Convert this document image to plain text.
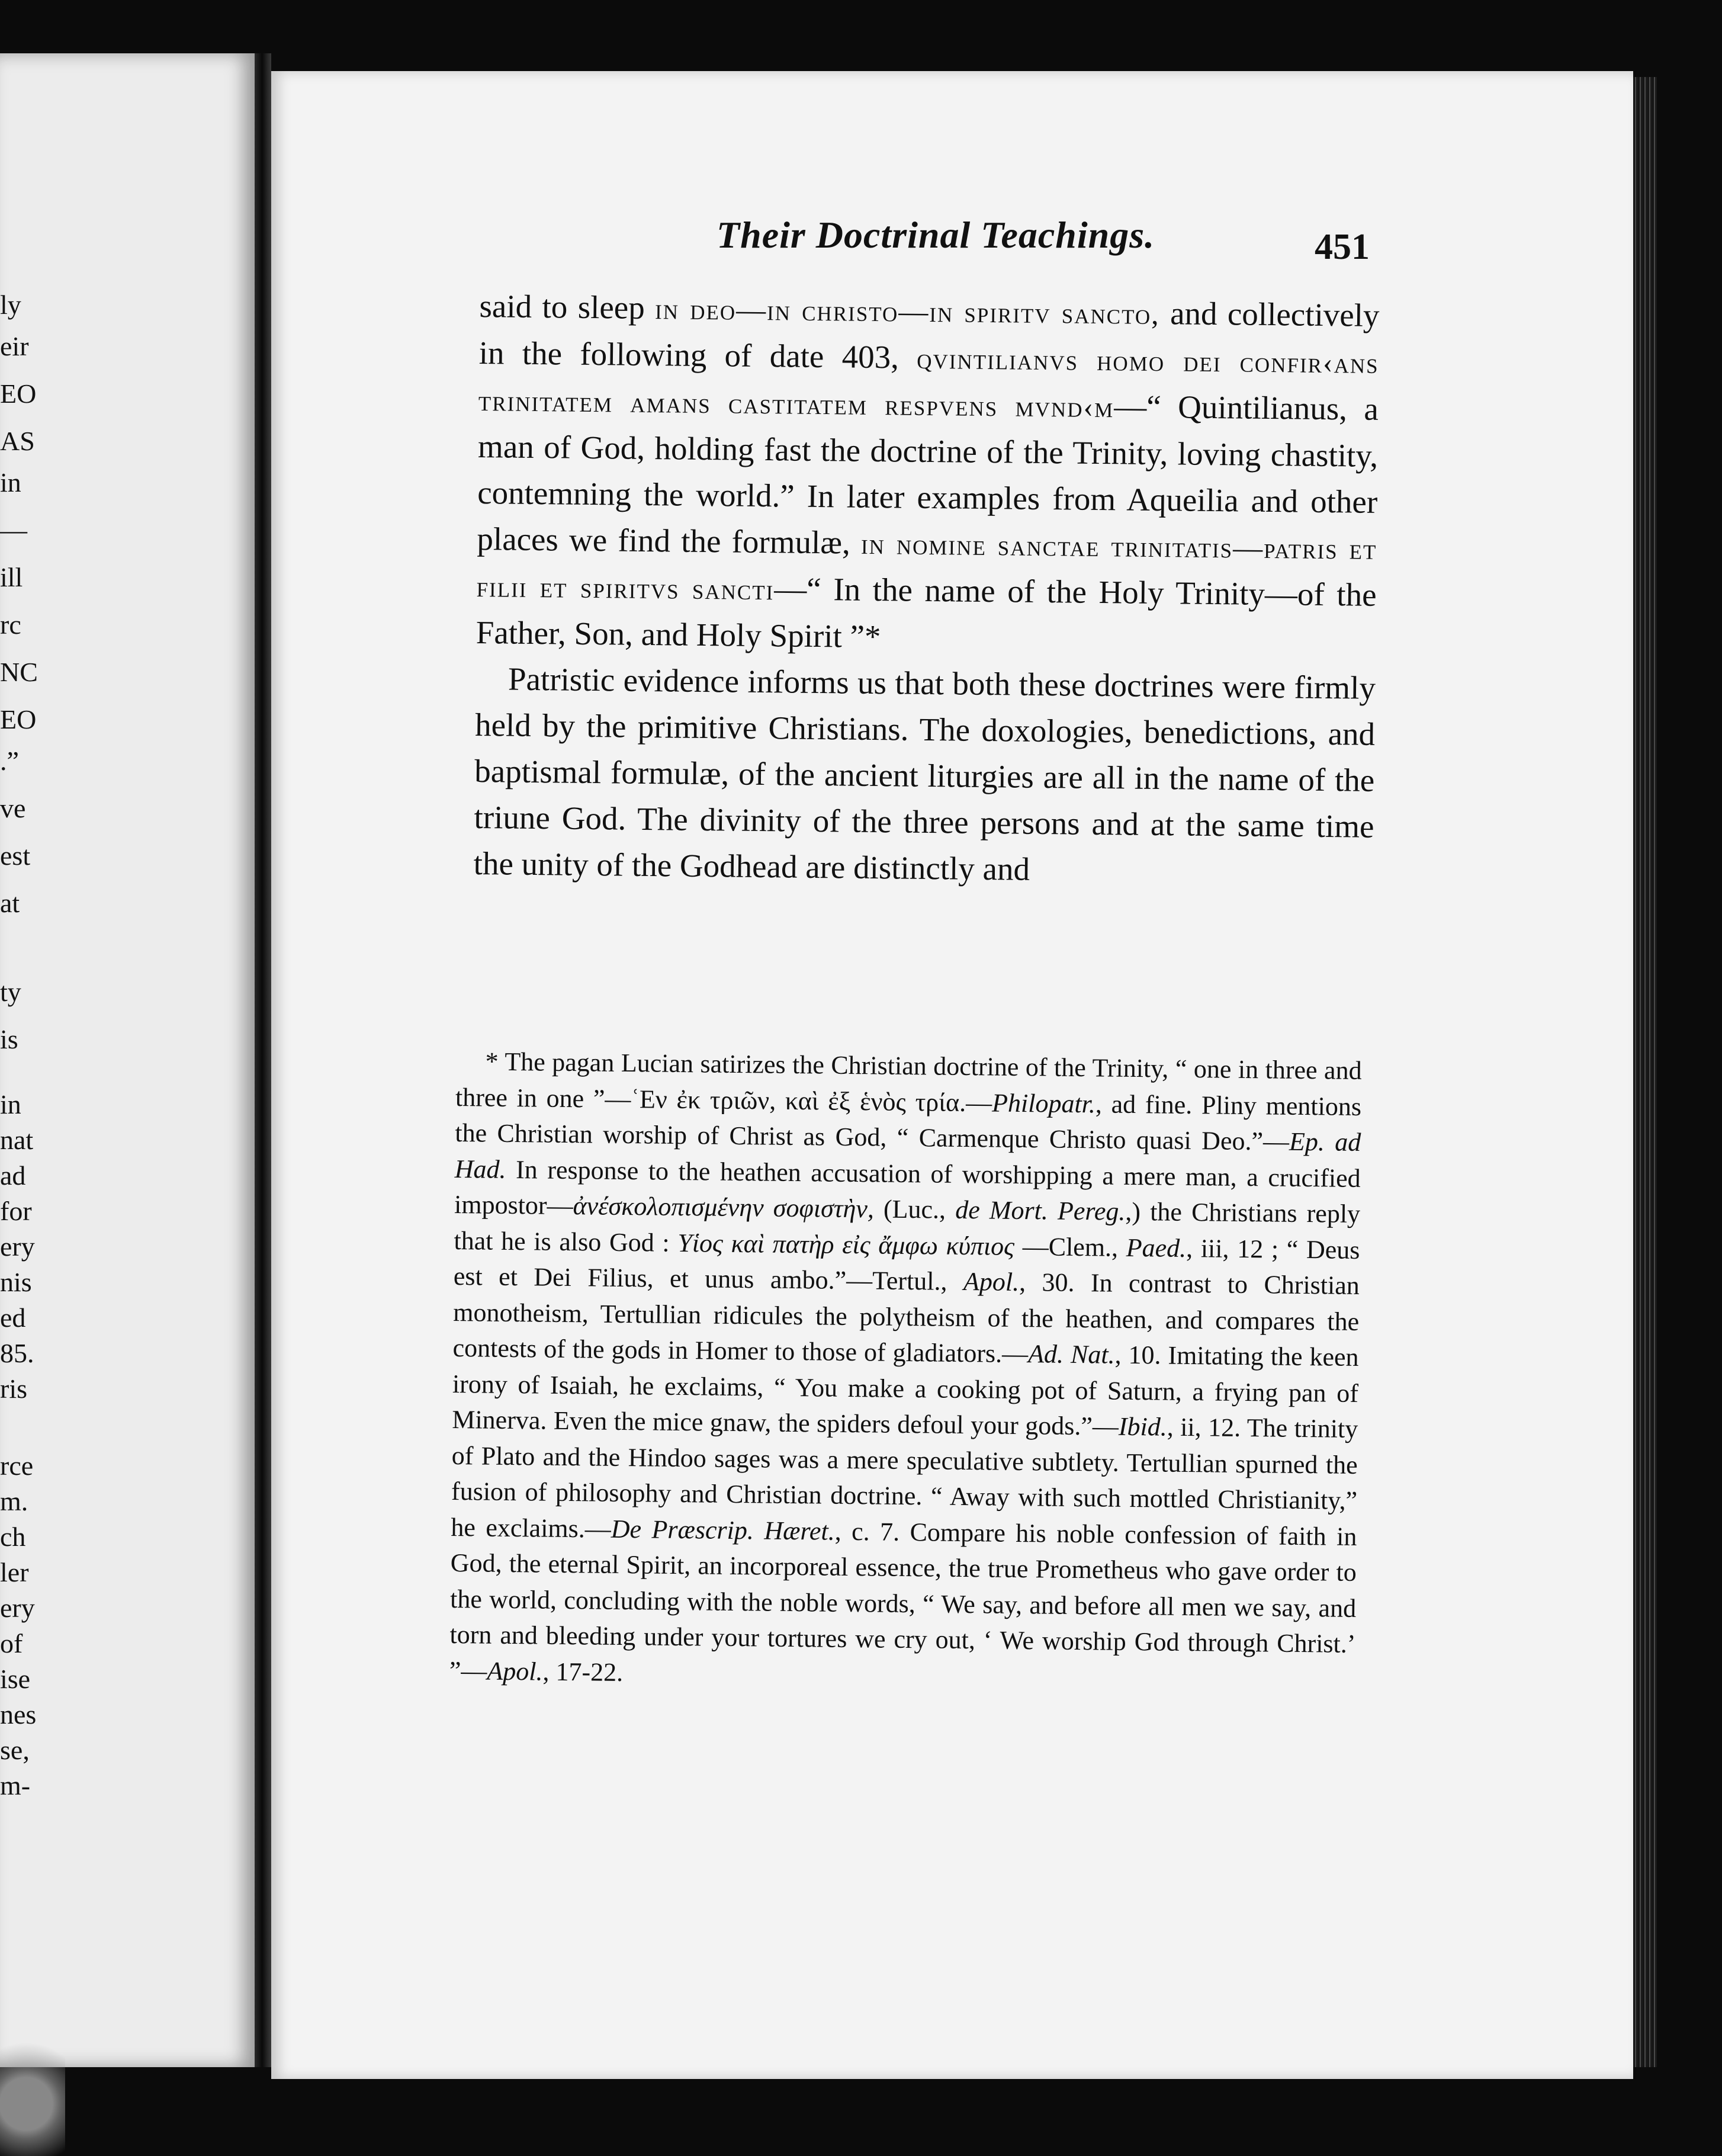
ly
eir
EO
AS
in
—
ill
rc
NC
EO
.”
ve
est
at
ty
is
in
nat
ad
for
ery
nis
ed
85.
ris
rce
m.
ch
ler
ery
of
ise
nes
se,
m-
Their Doctrinal Teachings.	451

said to sleep in deo—in christo—in spiritv sancto, and collectively in the following of date 403, qvintilianvs homo dei confir‹ans trinitatem amans castitatem respvens mvnd‹m—“ Quintilianus, a man of God, holding fast the doctrine of the Trinity, loving chastity, contemning the world.” In later examples from Aqueilia and other places we find the formulæ, in nomine sanctae trinitatis—patris et filii et spiritvs sancti—“ In the name of the Holy Trinity—of the Father, Son, and Holy Spirit ”*

Patristic evidence informs us that both these doctrines were firmly held by the primitive Christians. The doxologies, benedictions, and baptismal formulæ, of the ancient liturgies are all in the name of the triune God. The divinity of the three persons and at the same time the unity of the Godhead are distinctly and

* The pagan Lucian satirizes the Christian doctrine of the Trinity, “ one in three and three in one ”—ʿΕν ἐκ τριῶν, καὶ ἐξ ἑνὸς τρία.—Philopatr., ad fine. Pliny mentions the Christian worship of Christ as God, “ Carmenque Christo quasi Deo.”—Ep. ad Had. In response to the heathen accusation of worshipping a mere man, a crucified impostor—ἀνέσκολοπισμένην σοφιστὴν, (Luc., de Mort. Pereg.,) the Christians reply that he is also God : Υἱος καὶ πατὴρ εἰς ἄμφω κύπιος —Clem., Paed., iii, 12 ; “ Deus est et Dei Filius, et unus ambo.”—Tertul., Apol., 30. In contrast to Christian monotheism, Tertullian ridicules the polytheism of the heathen, and compares the contests of the gods in Homer to those of gladiators.—Ad. Nat., 10. Imitating the keen irony of Isaiah, he exclaims, “ You make a cooking pot of Saturn, a frying pan of Minerva. Even the mice gnaw, the spiders defoul your gods.”—Ibid., ii, 12. The trinity of Plato and the Hindoo sages was a mere speculative subtlety. Tertullian spurned the fusion of philosophy and Christian doctrine. “ Away with such mottled Christianity,” he exclaims.—De Præscrip. Hæret., c. 7. Compare his noble confession of faith in God, the eternal Spirit, an incorporeal essence, the true Prometheus who gave order to the world, concluding with the noble words, “ We say, and before all men we say, and torn and bleeding under your tortures we cry out, ‘ We worship God through Christ.’ ”—Apol., 17-22.
